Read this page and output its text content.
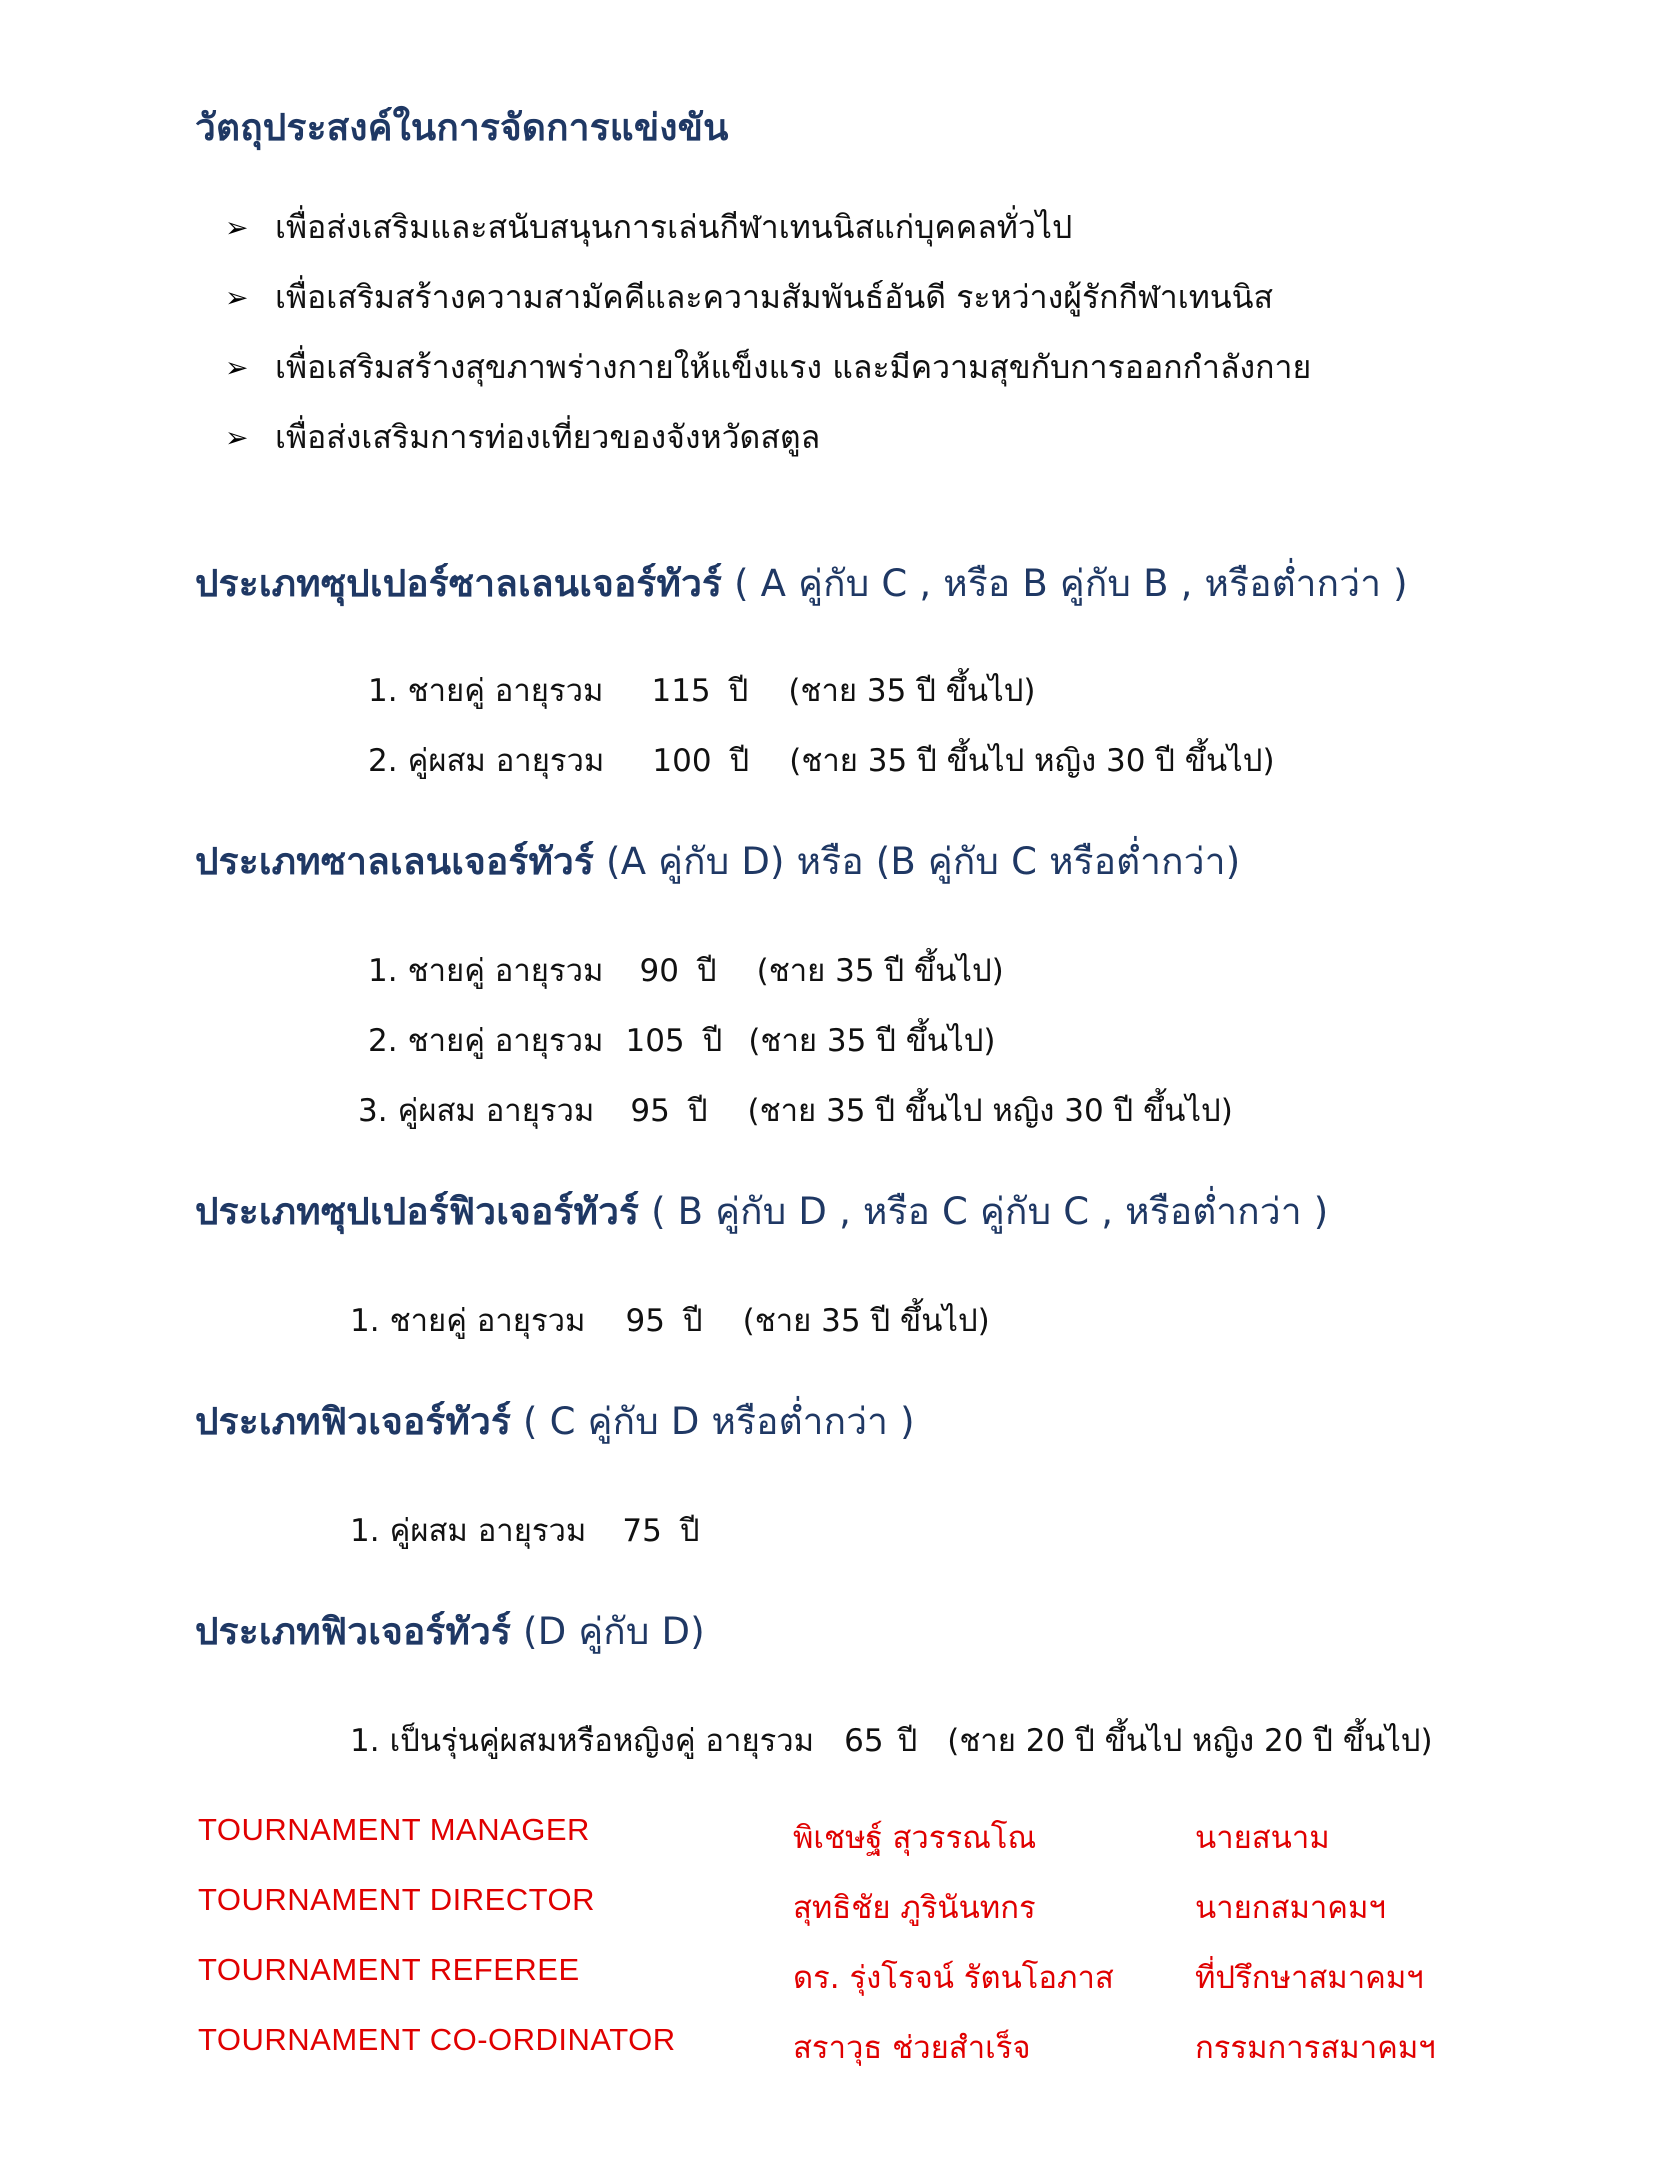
วัตถุประสงค์ในการจัดการแข่งขัน
➢ เพื่อส่งเสริมและสนับสนุนการเล่นกีฬาเทนนิสแก่บุคคลทั่วไป
➢ เพื่อเสริมสร้างความสามัคคีและความสัมพันธ์อันดี ระหว่างผู้รักกีฬาเทนนิส
➢ เพื่อเสริมสร้างสุขภาพร่างกายให้แข็งแรง และมีความสุขกับการออกกำลังกาย
➢ เพื่อส่งเสริมการท่องเที่ยวของจังหวัดสตูล
ประเภทซุปเปอร์ซาลเลนเจอร์ทัวร์ ( A คู่กับ C , หรือ B คู่กับ B , หรือต่ำกว่า )
1. ชายคู่ อายุรวม 115 ปี (ชาย 35 ปี ขึ้นไป)
2. คู่ผสม อายุรวม 100 ปี (ชาย 35 ปี ขึ้นไป หญิง 30 ปี ขึ้นไป)
ประเภทซาลเลนเจอร์ทัวร์ (A คู่กับ D) หรือ (B คู่กับ C หรือต่ำกว่า)
1. ชายคู่ อายุรวม 90 ปี (ชาย 35 ปี ขึ้นไป)
2. ชายคู่ อายุรวม 105 ปี (ชาย 35 ปี ขึ้นไป)
3. คู่ผสม อายุรวม 95 ปี (ชาย 35 ปี ขึ้นไป หญิง 30 ปี ขึ้นไป)
ประเภทซุปเปอร์ฟิวเจอร์ทัวร์ ( B คู่กับ D , หรือ C คู่กับ C , หรือต่ำกว่า )
1. ชายคู่ อายุรวม 95 ปี (ชาย 35 ปี ขึ้นไป)
ประเภทฟิวเจอร์ทัวร์ ( C คู่กับ D หรือต่ำกว่า )
1. คู่ผสม อายุรวม 75 ปี
ประเภทฟิวเจอร์ทัวร์ (D คู่กับ D)
1. เป็นรุ่นคู่ผสมหรือหญิงคู่ อายุรวม 65 ปี (ชาย 20 ปี ขึ้นไป หญิง 20 ปี ขึ้นไป)
TOURNAMENT MANAGER	พิเชษฐ์ สุวรรณโณ	นายสนาม
TOURNAMENT DIRECTOR	สุทธิชัย ภูรินันทกร	นายกสมาคมฯ
TOURNAMENT REFEREE	ดร. รุ่งโรจน์ รัตนโอภาส	ที่ปรึกษาสมาคมฯ
TOURNAMENT CO-ORDINATOR	สราวุธ ช่วยสำเร็จ	กรรมการสมาคมฯ
